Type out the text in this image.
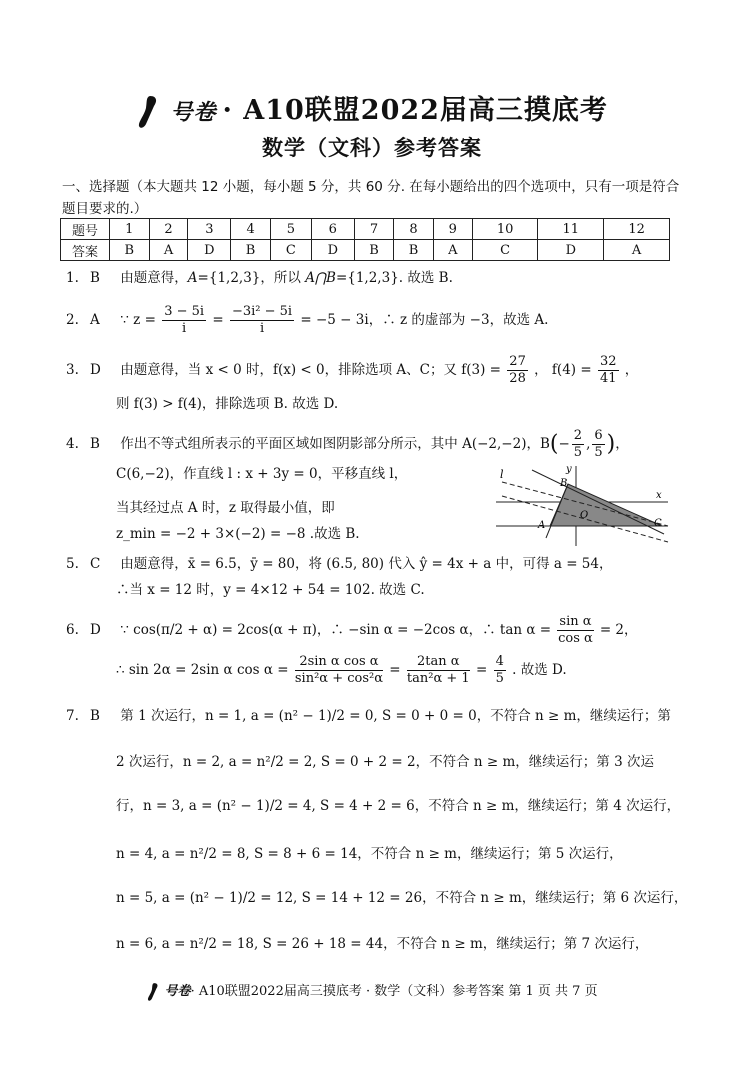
号卷 · A10联盟2022届高三摸底考
数学（文科）参考答案
一、选择题（本大题共 12 小题，每小题 5 分，共 60 分. 在每小题给出的四个选项中，只有一项是符合题目要求的.）
题号	1	2	3	4	5	6	7	8	9	10	11	12
答案	B	A	D	B	C	D	B	B	A	C	D	A
1. B 由题意得，A={1,2,3}，所以 A⋂B={1,2,3}. 故选 B.
2. A ∵ $z = \frac{3 - 5i}{i} = \frac{\text{−3i² − 5i}}{i} = -5 - 3i$，∴ z 的虚部为 −3，故选 A.
3. D 由题意得，当 x < 0 时，f(x) < 0，排除选项 A、C；又 $f(3) = \frac{27}{28}$ ， $f(4) = \frac{32}{41}$ ，
则 f(3) > f(4)，排除选项 B. 故选 D.
4. B 作出不等式组所表示的平面区域如图阴影部分所示，其中 A(−2,−2)，$B(- \frac{2}{5}$ , $\frac{6}{5}$ )，
C(6,−2)，作直线 l : x + 3y = 0，平移直线 l，
当其经过点 A 时，z 取得最小值，即
z_min = −2 + 3×(−2) = −8 .故选 B.
l	y
x
B
O
A	C
5. C 由题意得，x̄ = 6.5，ȳ = 80，将 (6.5, 80) 代入 ŷ = 4x + a 中，可得 a = 54，
∴当 x = 12 时，y = 4×12 + 54 = 102. 故选 C.
6. D ∵ cos(π/2 + α) = 2cos(α + π)，∴ −sin α = −2cos α，∴ $\tan \alpha = \frac{\text{sin α}}{\text{cos α}} = 2$，
∴ sin 2α = 2sin α $\cos \alpha = \frac{\text{2sin α cos α}}{\text{sin²α + cos²α}} = \frac{\text{2tan α}}{\text{tan²α + 1}} = \frac{4}{5}$ . 故选 D.
7. B 第 1 次运行，n = 1, a = (n² − 1)/2 = 0, S = 0 + 0 = 0，不符合 n ≥ m，继续运行；第
2 次运行，n = 2, a = n²/2 = 2, S = 0 + 2 = 2，不符合 n ≥ m，继续运行；第 3 次运
行，n = 3, a = (n² − 1)/2 = 4, S = 4 + 2 = 6，不符合 n ≥ m，继续运行；第 4 次运行，
n = 4, a = n²/2 = 8, S = 8 + 6 = 14，不符合 n ≥ m，继续运行；第 5 次运行，
n = 5, a = (n² − 1)/2 = 12, S = 14 + 12 = 26，不符合 n ≥ m，继续运行；第 6 次运行，
n = 6, a = n²/2 = 18, S = 26 + 18 = 44，不符合 n ≥ m，继续运行；第 7 次运行，
号卷· A10联盟2022届高三摸底考 · 数学（文科）参考答案 第 1 页 共 7 页
